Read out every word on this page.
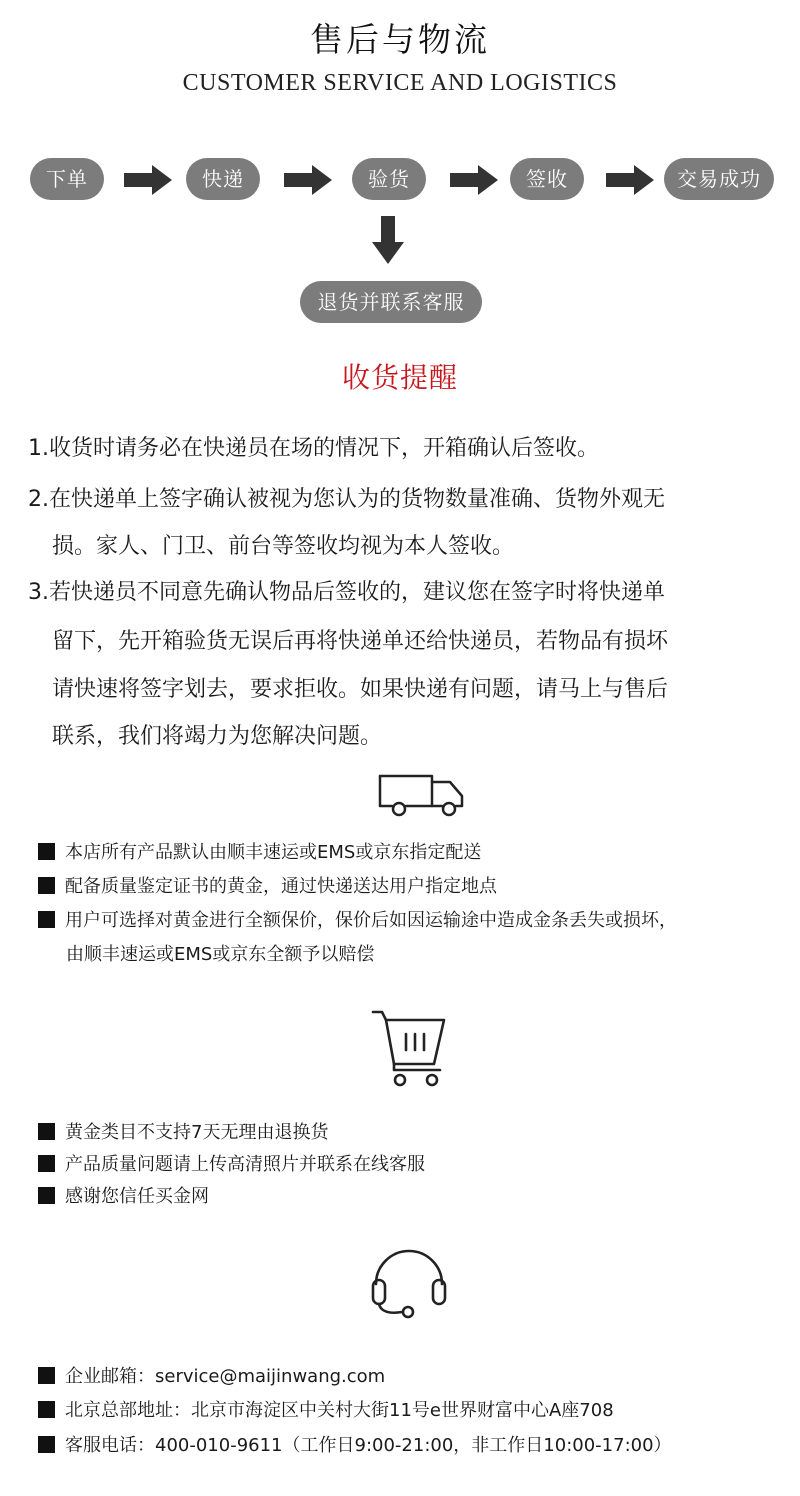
售后与物流
CUSTOMER SERVICE AND LOGISTICS
下单	快递	验货	签收	交易成功
退货并联系客服
收货提醒
1.收货时请务必在快递员在场的情况下，开箱确认后签收。
2.在快递单上签字确认被视为您认为的货物数量准确、货物外观无
损。家人、门卫、前台等签收均视为本人签收。
3.若快递员不同意先确认物品后签收的，建议您在签字时将快递单
留下，先开箱验货无误后再将快递单还给快递员，若物品有损坏
请快速将签字划去，要求拒收。如果快递有问题，请马上与售后
联系，我们将竭力为您解决问题。
本店所有产品默认由顺丰速运或EMS或京东指定配送
配备质量鉴定证书的黄金，通过快递送达用户指定地点
用户可选择对黄金进行全额保价，保价后如因运输途中造成金条丢失或损坏，
由顺丰速运或EMS或京东全额予以赔偿
黄金类目不支持7天无理由退换货
产品质量问题请上传高清照片并联系在线客服
感谢您信任买金网
企业邮箱：service@maijinwang.com
北京总部地址：北京市海淀区中关村大街11号e世界财富中心A座708
客服电话：400-010-9611（工作日9:00-21:00，非工作日10:00-17:00）
